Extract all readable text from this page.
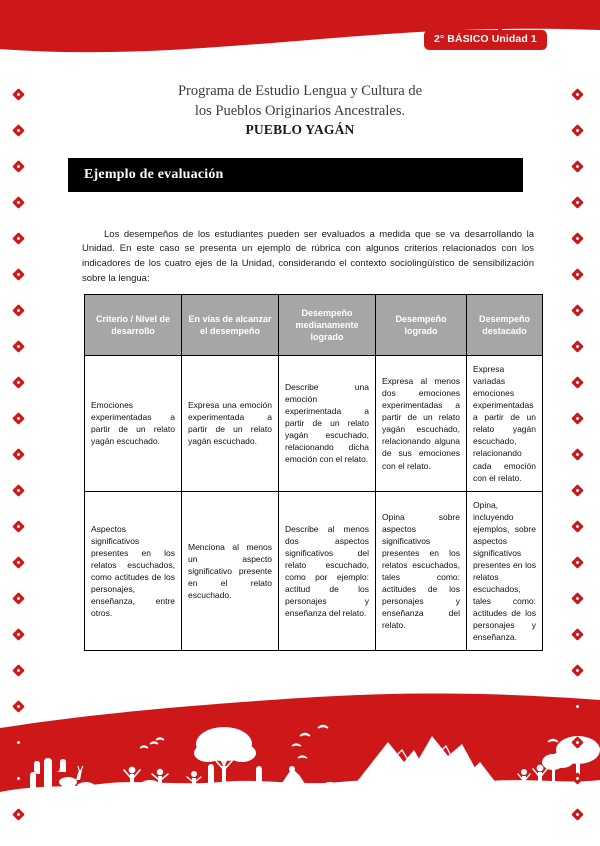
2° BÁSICO Unidad 1
Programa de Estudio Lengua y Cultura de
los Pueblos Originarios Ancestrales.
PUEBLO YAGÁN
Ejemplo de evaluación

Los desempeños de los estudiantes pueden ser evaluados a medida que se va desarrollando la Unidad. En este caso se presenta un ejemplo de rúbrica con algunos criterios relacionados con los indicadores de los cuatro ejes de la Unidad, considerando el contexto sociolingüístico de sensibilización sobre la lengua:

Criterio / Nivel de desarrollo	En vías de alcanzar el desempeño	Desempeño medianamente logrado	Desempeño logrado	Desempeño destacado
Emociones experimentadas a partir de un relato yagán escuchado.	Expresa una emoción experimentada a partir de un relato yagán escuchado.	Describe una emoción experimentada a partir de un relato yagán escuchado, relacionando dicha emoción con el relato.	Expresa al menos dos emociones experimentadas a partir de un relato yagán escuchado, relacionando alguna de sus emociones con el relato.	Expresa variadas emociones experimentadas a partir de un relato yagán escuchado, relacionando cada emoción con el relato.
Aspectos significativos presentes en los relatos escuchados, como actitudes de los personajes, enseñanza, entre otros.	Menciona al menos un aspecto significativo presente en el relato escuchado.	Describe al menos dos aspectos significativos del relato escuchado, como por ejemplo: actitud de los personajes y enseñanza del relato.	Opina sobre aspectos significativos presentes en los relatos escuchados, tales como: actitudes de los personajes y enseñanza del relato.	Opina, incluyendo ejemplos, sobre aspectos significativos presentes en los relatos escuchados, tales como: actitudes de los personajes y enseñanza.
